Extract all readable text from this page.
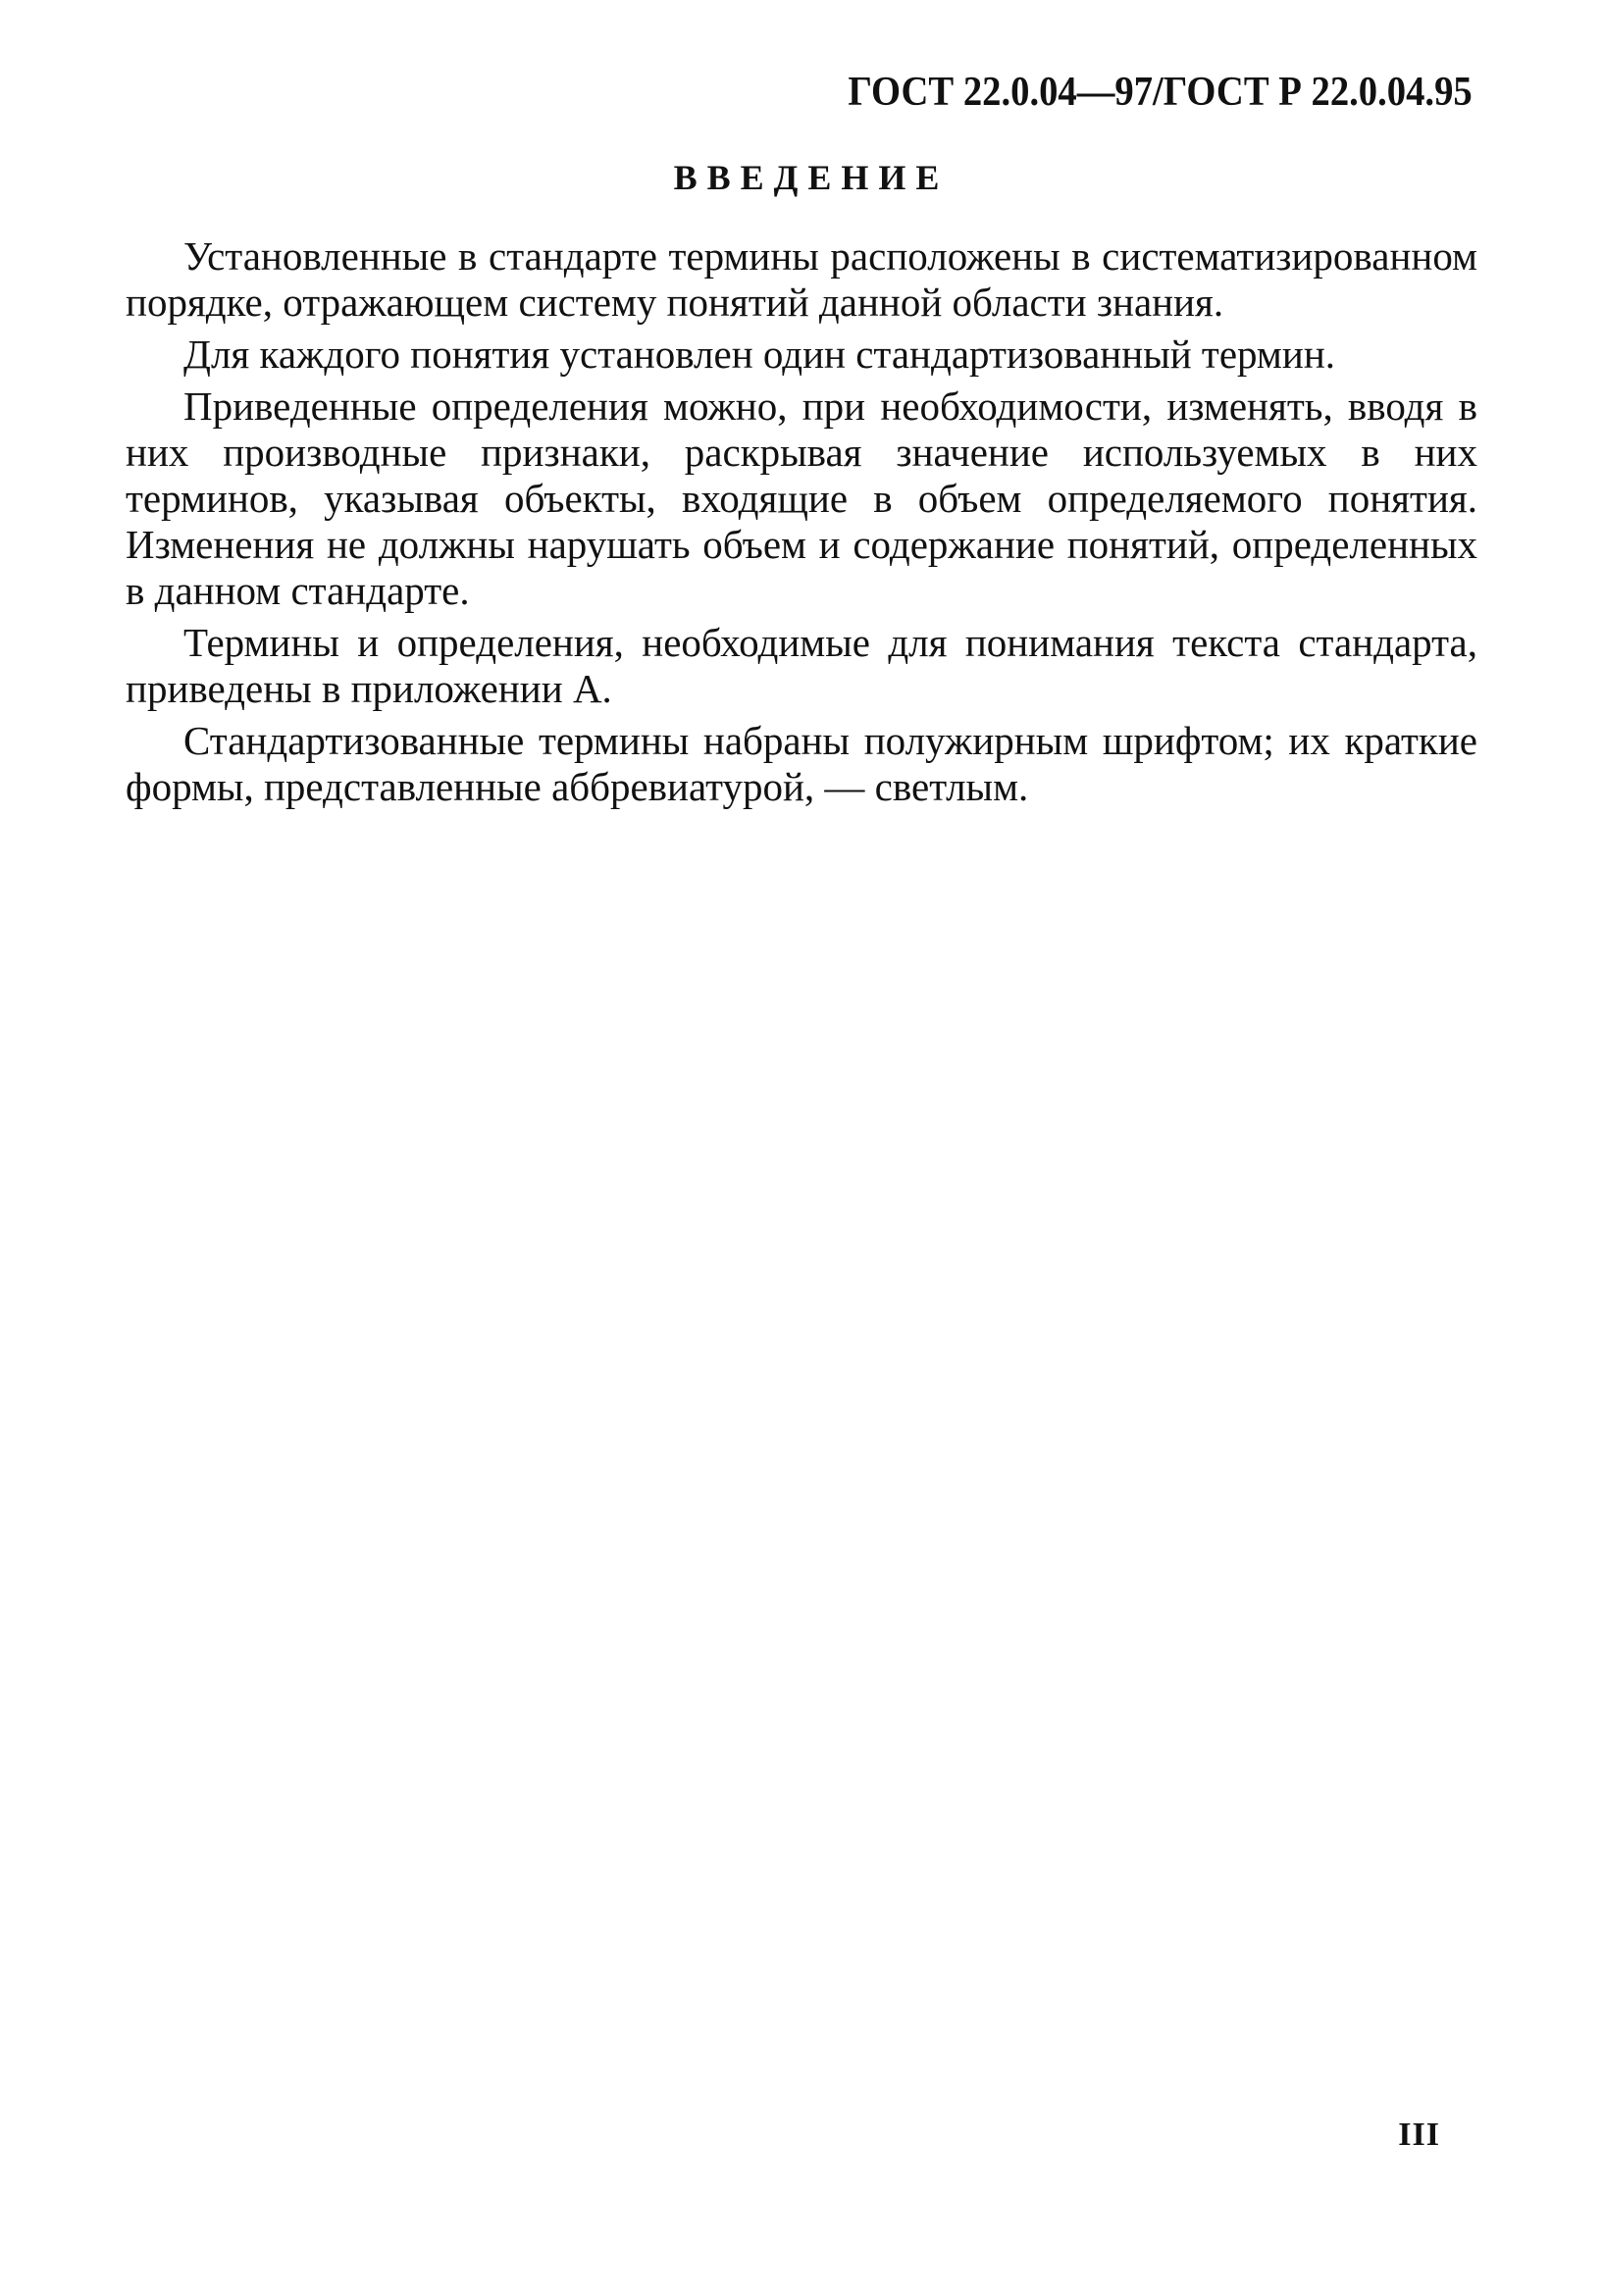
ГОСТ 22.0.04—97/ГОСТ Р 22.0.04.95
ВВЕДЕНИЕ

Установленные в стандарте термины расположены в систематизированном порядке, отражающем систему понятий данной области знания.

Для каждого понятия установлен один стандартизованный термин.

Приведенные определения можно, при необходимости, изменять, вводя в них производные признаки, раскрывая значение используемых в них терминов, указывая объекты, входящие в объем определяемого понятия. Изменения не должны нарушать объем и содержание понятий, определенных в данном стандарте.

Термины и определения, необходимые для понимания текста стандарта, приведены в приложении А.

Стандартизованные термины набраны полужирным шрифтом; их краткие формы, представленные аббревиатурой, — светлым.

III
